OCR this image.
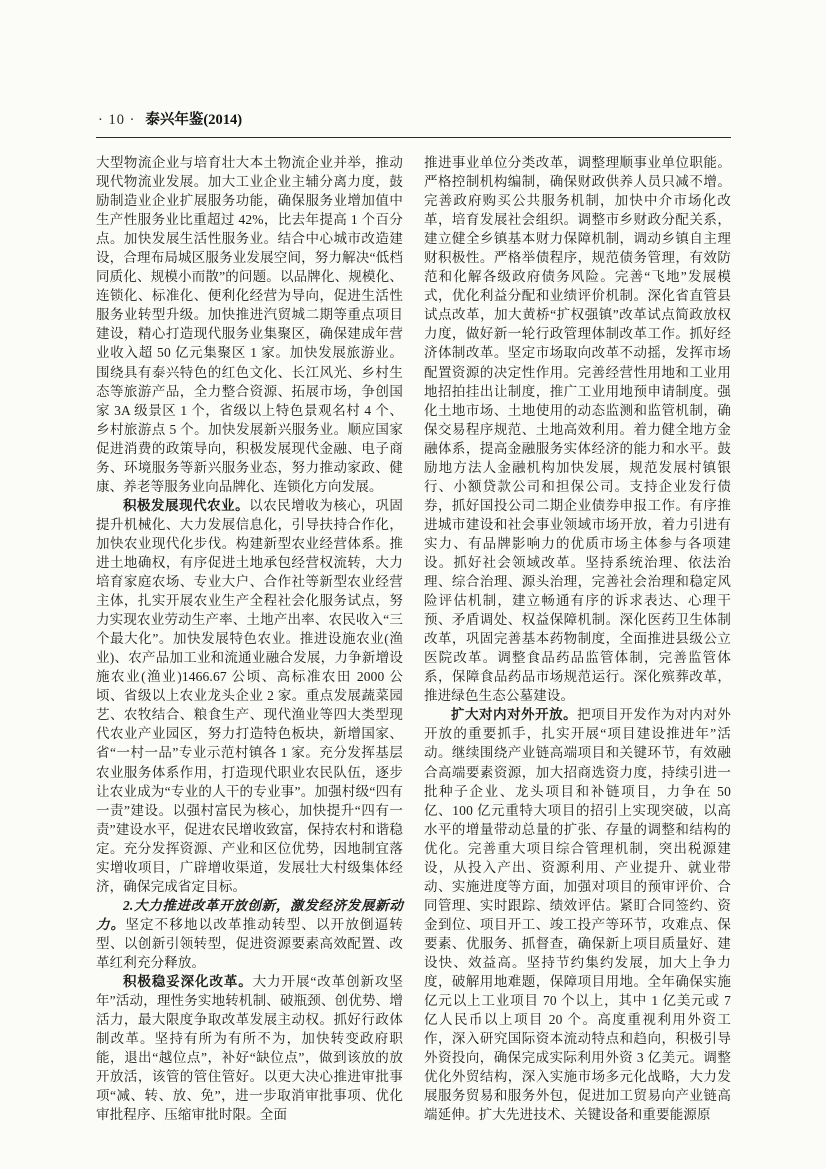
· 10 · 泰兴年鉴(2014)

大型物流企业与培育壮大本土物流企业并举，推动现代物流业发展。加大工业企业主辅分离力度，鼓励制造业企业扩展服务功能，确保服务业增加值中生产性服务业比重超过 42%，比去年提高 1 个百分点。加快发展生活性服务业。结合中心城市改造建设，合理布局城区服务业发展空间，努力解决“低档同质化、规模小而散”的问题。以品牌化、规模化、连锁化、标准化、便利化经营为导向，促进生活性服务业转型升级。加快推进汽贸城二期等重点项目建设，精心打造现代服务业集聚区，确保建成年营业收入超 50 亿元集聚区 1 家。加快发展旅游业。围绕具有泰兴特色的红色文化、长江风光、乡村生态等旅游产品，全力整合资源、拓展市场，争创国家 3A 级景区 1 个，省级以上特色景观名村 4 个、乡村旅游点 5 个。加快发展新兴服务业。顺应国家促进消费的政策导向，积极发展现代金融、电子商务、环境服务等新兴服务业态，努力推动家政、健康、养老等服务业向品牌化、连锁化方向发展。

积极发展现代农业。以农民增收为核心，巩固提升机械化、大力发展信息化，引导扶持合作化，加快农业现代化步伐。构建新型农业经营体系。推进土地确权，有序促进土地承包经营权流转，大力培育家庭农场、专业大户、合作社等新型农业经营主体，扎实开展农业生产全程社会化服务试点，努力实现农业劳动生产率、土地产出率、农民收入“三个最大化”。加快发展特色农业。推进设施农业(渔业)、农产品加工业和流通业融合发展，力争新增设施农业(渔业)1466.67 公顷、高标准农田 2000 公顷、省级以上农业龙头企业 2 家。重点发展蔬菜园艺、农牧结合、粮食生产、现代渔业等四大类型现代农业产业园区，努力打造特色板块，新增国家、省“一村一品”专业示范村镇各 1 家。充分发挥基层农业服务体系作用，打造现代职业农民队伍，逐步让农业成为“专业的人干的专业事”。加强村级“四有一责”建设。以强村富民为核心，加快提升“四有一责”建设水平，促进农民增收致富，保持农村和谐稳定。充分发挥资源、产业和区位优势，因地制宜落实增收项目，广辟增收渠道，发展壮大村级集体经济，确保完成省定目标。

2.大力推进改革开放创新，激发经济发展新动力。坚定不移地以改革推动转型、以开放倒逼转型、以创新引领转型，促进资源要素高效配置、改革红利充分释放。

积极稳妥深化改革。大力开展“改革创新攻坚年”活动，理性务实地转机制、破瓶颈、创优势、增活力，最大限度争取改革发展主动权。抓好行政体制改革。坚持有所为有所不为，加快转变政府职能，退出“越位点”，补好“缺位点”，做到该放的放开放活，该管的管住管好。以更大决心推进审批事项“减、转、放、免”，进一步取消审批事项、优化审批程序、压缩审批时限。全面

推进事业单位分类改革，调整理顺事业单位职能。严格控制机构编制，确保财政供养人员只减不增。完善政府购买公共服务机制，加快中介市场化改革，培育发展社会组织。调整市乡财政分配关系，建立健全乡镇基本财力保障机制，调动乡镇自主理财积极性。严格举债程序，规范债务管理，有效防范和化解各级政府债务风险。完善“飞地”发展模式，优化利益分配和业绩评价机制。深化省直管县试点改革，加大黄桥“扩权强镇”改革试点简政放权力度，做好新一轮行政管理体制改革工作。抓好经济体制改革。坚定市场取向改革不动摇，发挥市场配置资源的决定性作用。完善经营性用地和工业用地招拍挂出让制度，推广工业用地预申请制度。强化土地市场、土地使用的动态监测和监管机制，确保交易程序规范、土地高效利用。着力健全地方金融体系，提高金融服务实体经济的能力和水平。鼓励地方法人金融机构加快发展，规范发展村镇银行、小额贷款公司和担保公司。支持企业发行债券，抓好国投公司二期企业债券申报工作。有序推进城市建设和社会事业领域市场开放，着力引进有实力、有品牌影响力的优质市场主体参与各项建设。抓好社会领域改革。坚持系统治理、依法治理、综合治理、源头治理，完善社会治理和稳定风险评估机制，建立畅通有序的诉求表达、心理干预、矛盾调处、权益保障机制。深化医药卫生体制改革，巩固完善基本药物制度，全面推进县级公立医院改革。调整食品药品监管体制，完善监管体系，保障食品药品市场规范运行。深化殡葬改革，推进绿色生态公墓建设。

扩大对内对外开放。把项目开发作为对内对外开放的重要抓手，扎实开展“项目建设推进年”活动。继续围绕产业链高端项目和关键环节，有效融合高端要素资源，加大招商选资力度，持续引进一批种子企业、龙头项目和补链项目，力争在 50 亿、100 亿元重特大项目的招引上实现突破，以高水平的增量带动总量的扩张、存量的调整和结构的优化。完善重大项目综合管理机制，突出税源建设，从投入产出、资源利用、产业提升、就业带动、实施进度等方面，加强对项目的预审评价、合同管理、实时跟踪、绩效评估。紧盯合同签约、资金到位、项目开工、竣工投产等环节，攻难点、保要素、优服务、抓督查，确保新上项目质量好、建设快、效益高。坚持节约集约发展，加大上争力度，破解用地难题，保障项目用地。全年确保实施亿元以上工业项目 70 个以上，其中 1 亿美元或 7 亿人民币以上项目 20 个。高度重视利用外资工作，深入研究国际资本流动特点和趋向，积极引导外资投向，确保完成实际利用外资 3 亿美元。调整优化外贸结构，深入实施市场多元化战略，大力发展服务贸易和服务外包，促进加工贸易向产业链高端延伸。扩大先进技术、关键设备和重要能源原
